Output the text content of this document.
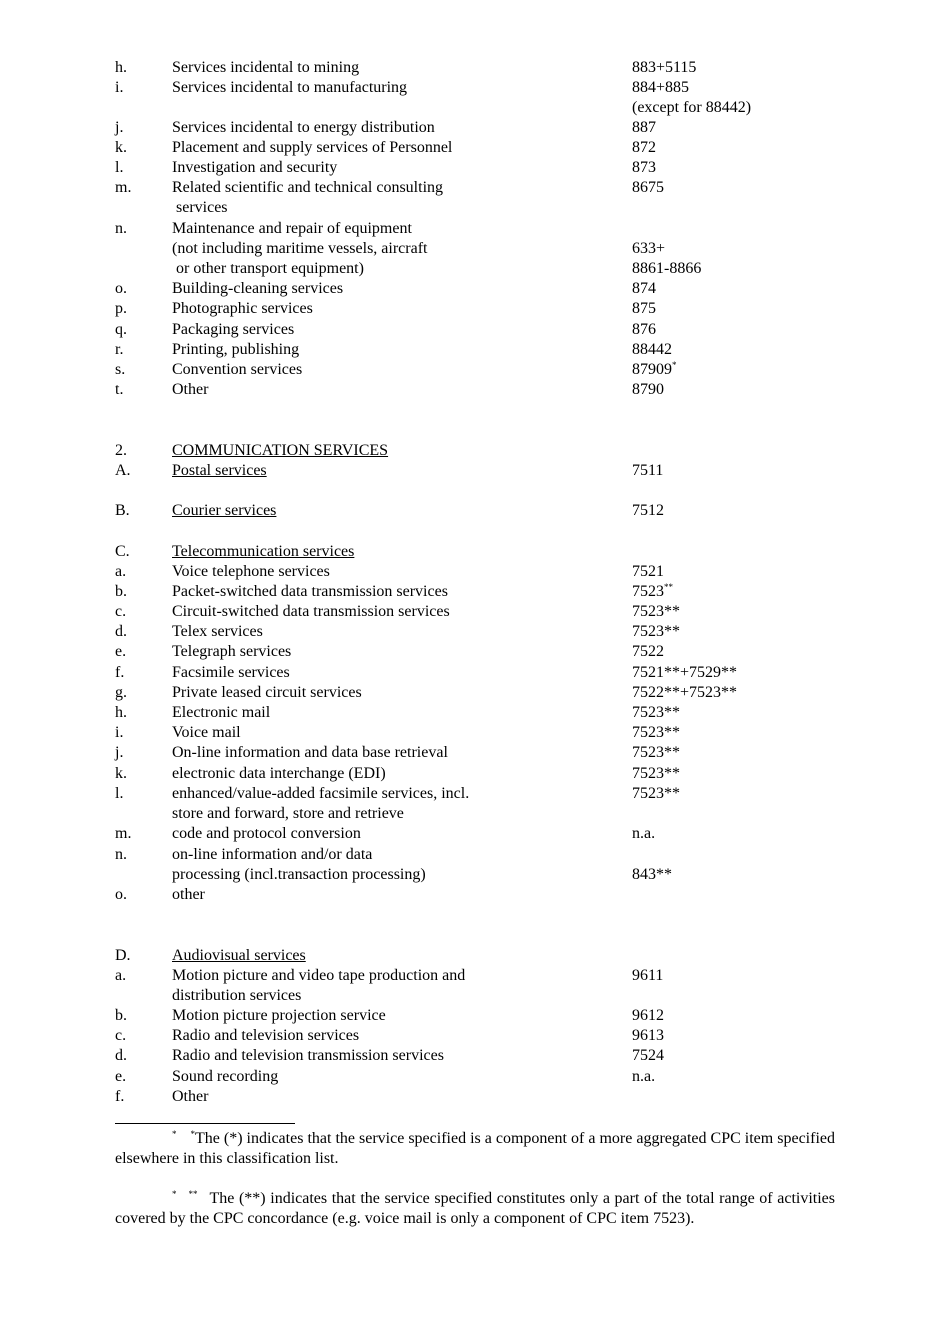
h.	Services incidental to mining	883+5115
i.	Services incidental to manufacturing	884+885
(except for 88442)
j.	Services incidental to energy distribution	887
k.	Placement and supply services of Personnel	872
l.	Investigation and security	873
m.	Related scientific and technical consulting	8675
services
n.	Maintenance and repair of equipment
(not including maritime vessels, aircraft	633+
or other transport equipment)	8861-8866
o.	Building-cleaning services	874
p.	Photographic services	875
q.	Packaging services	876
r.	Printing, publishing	88442
s.	Convention services	87909*
t.	Other	8790
2.	COMMUNICATION SERVICES
A.	Postal services	7511
B.	Courier services	7512
C.	Telecommunication services
a.	Voice telephone services	7521
b.	Packet-switched data transmission services	7523**
c.	Circuit-switched data transmission services	7523**
d.	Telex services	7523**
e.	Telegraph services	7522
f.	Facsimile services	7521**+7529**
g.	Private leased circuit services	7522**+7523**
h.	Electronic mail	7523**
i.	Voice mail	7523**
j.	On-line information and data base retrieval	7523**
k.	electronic data interchange (EDI)	7523**
l.	enhanced/value-added facsimile services, incl.	7523**
store and forward, store and retrieve
m.	code and protocol conversion	n.a.
n.	on-line information and/or data
processing (incl.transaction processing)	843**
o.	other
D.	Audiovisual services
a.	Motion picture and video tape production and	9611
distribution services
b.	Motion picture projection service	9612
c.	Radio and television services	9613
d.	Radio and television transmission services	7524
e.	Sound recording	n.a.
f.	Other
* *The (*) indicates that the service specified is a component of a more aggregated CPC item specified elsewhere in this classification list.
* ** The (**) indicates that the service specified constitutes only a part of the total range of activities covered by the CPC concordance (e.g. voice mail is only a component of CPC item 7523).
